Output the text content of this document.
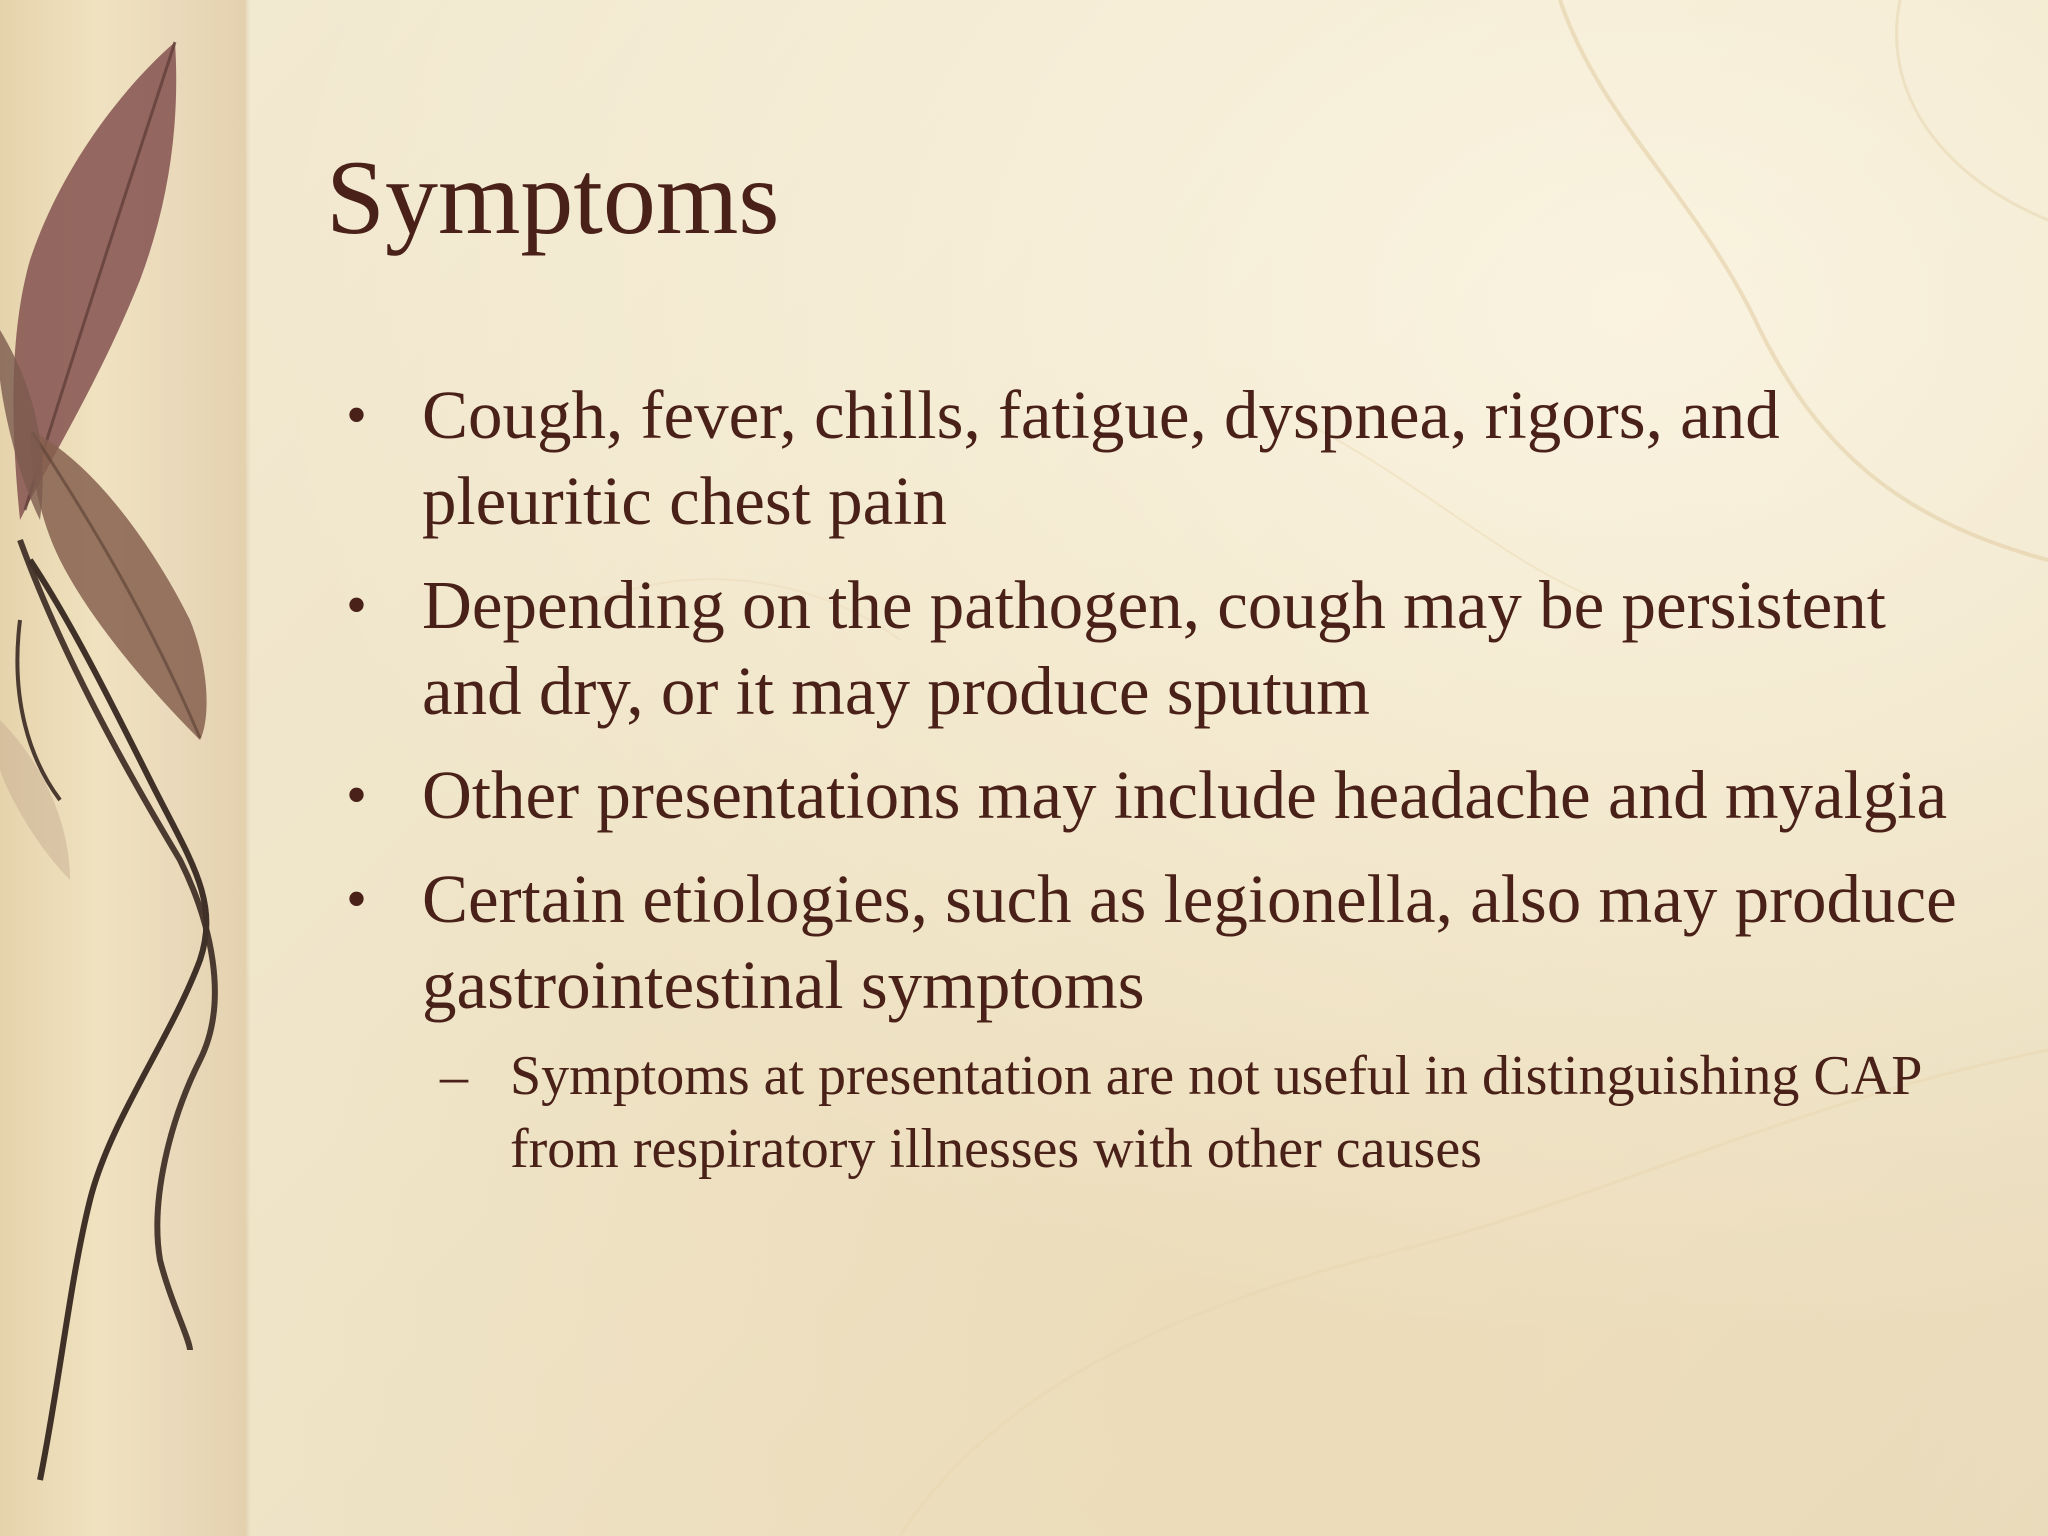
Symptoms
• Cough, fever, chills, fatigue, dyspnea, rigors, and pleuritic chest pain
• Depending on the pathogen, cough may be persistent and dry, or it may produce sputum
• Other presentations may include headache and myalgia
• Certain etiologies, such as legionella, also may produce gastrointestinal symptoms
– Symptoms at presentation are not useful in distinguishing CAP from respiratory illnesses with other causes
